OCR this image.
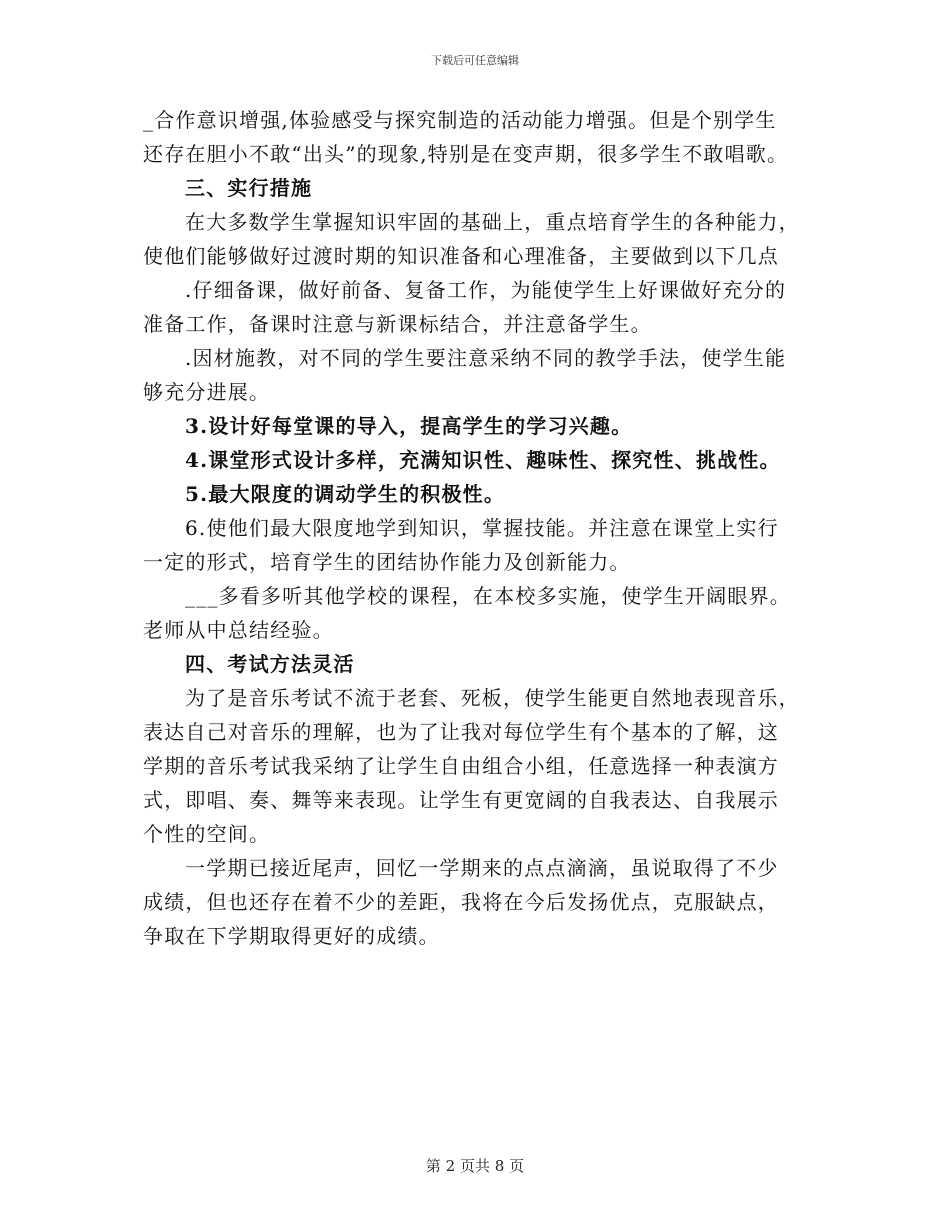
下载后可任意编辑
_合作意识增强,体验感受与探究制造的活动能力增强。但是个别学生
还存在胆小不敢“出头”的现象,特别是在变声期，很多学生不敢唱歌。
三、实行措施
在大多数学生掌握知识牢固的基础上，重点培育学生的各种能力，
使他们能够做好过渡时期的知识准备和心理准备，主要做到以下几点
.仔细备课，做好前备、复备工作，为能使学生上好课做好充分的
准备工作，备课时注意与新课标结合，并注意备学生。
.因材施教，对不同的学生要注意采纳不同的教学手法，使学生能
够充分进展。
3.设计好每堂课的导入，提高学生的学习兴趣。
4.课堂形式设计多样，充满知识性、趣味性、探究性、挑战性。
5.最大限度的调动学生的积极性。
6.使他们最大限度地学到知识，掌握技能。并注意在课堂上实行
一定的形式，培育学生的团结协作能力及创新能力。
___多看多听其他学校的课程，在本校多实施，使学生开阔眼界。
老师从中总结经验。
四、考试方法灵活
为了是音乐考试不流于老套、死板，使学生能更自然地表现音乐，
表达自己对音乐的理解，也为了让我对每位学生有个基本的了解，这
学期的音乐考试我采纳了让学生自由组合小组，任意选择一种表演方
式，即唱、奏、舞等来表现。让学生有更宽阔的自我表达、自我展示
个性的空间。
一学期已接近尾声，回忆一学期来的点点滴滴，虽说取得了不少
成绩，但也还存在着不少的差距，我将在今后发扬优点，克服缺点，
争取在下学期取得更好的成绩。
第 2 页共 8 页
